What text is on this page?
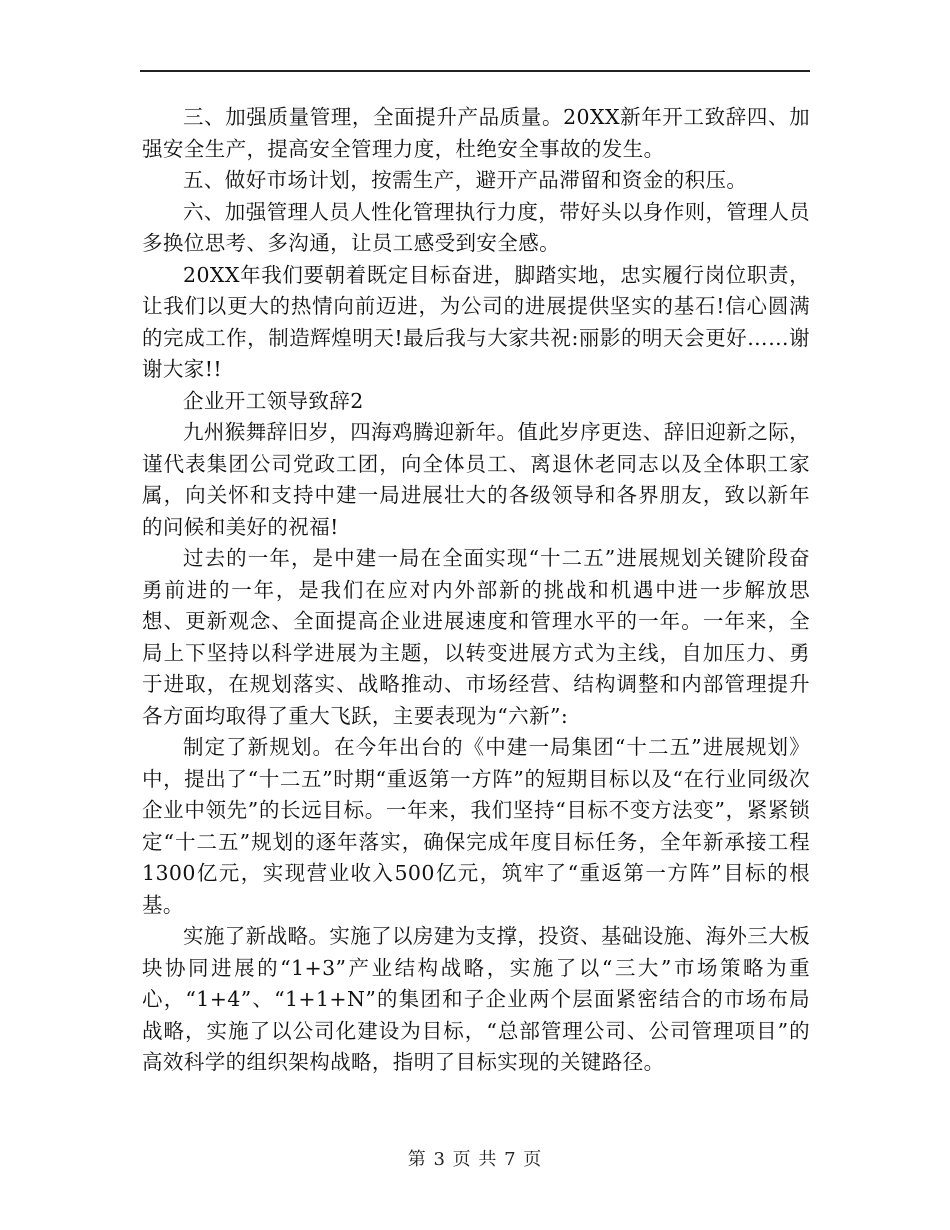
三、加强质量管理，全面提升产品质量。20XX新年开工致辞四、加强安全生产，提高安全管理力度，杜绝安全事故的发生。

五、做好市场计划，按需生产，避开产品滞留和资金的积压。

六、加强管理人员人性化管理执行力度，带好头以身作则，管理人员多换位思考、多沟通，让员工感受到安全感。

20XX年我们要朝着既定目标奋进，脚踏实地，忠实履行岗位职责，让我们以更大的热情向前迈进，为公司的进展提供坚实的基石!信心圆满的完成工作，制造辉煌明天!最后我与大家共祝:丽影的明天会更好……谢谢大家!!

企业开工领导致辞2

九州猴舞辞旧岁，四海鸡腾迎新年。值此岁序更迭、辞旧迎新之际，谨代表集团公司党政工团，向全体员工、离退休老同志以及全体职工家属，向关怀和支持中建一局进展壮大的各级领导和各界朋友，致以新年的问候和美好的祝福!

过去的一年，是中建一局在全面实现“十二五”进展规划关键阶段奋勇前进的一年，是我们在应对内外部新的挑战和机遇中进一步解放思想、更新观念、全面提高企业进展速度和管理水平的一年。一年来，全局上下坚持以科学进展为主题，以转变进展方式为主线，自加压力、勇于进取，在规划落实、战略推动、市场经营、结构调整和内部管理提升各方面均取得了重大飞跃，主要表现为“六新”:

制定了新规划。在今年出台的《中建一局集团“十二五”进展规划》中，提出了“十二五”时期“重返第一方阵”的短期目标以及“在行业同级次企业中领先”的长远目标。一年来，我们坚持“目标不变方法变”，紧紧锁定“十二五”规划的逐年落实，确保完成年度目标任务，全年新承接工程1300亿元，实现营业收入500亿元，筑牢了“重返第一方阵”目标的根基。

实施了新战略。实施了以房建为支撑，投资、基础设施、海外三大板块协同进展的“1+3”产业结构战略，实施了以“三大”市场策略为重心，“1+4”、“1+1+N”的集团和子企业两个层面紧密结合的市场布局战略，实施了以公司化建设为目标，“总部管理公司、公司管理项目”的高效科学的组织架构战略，指明了目标实现的关键路径。

第 3 页 共 7 页
